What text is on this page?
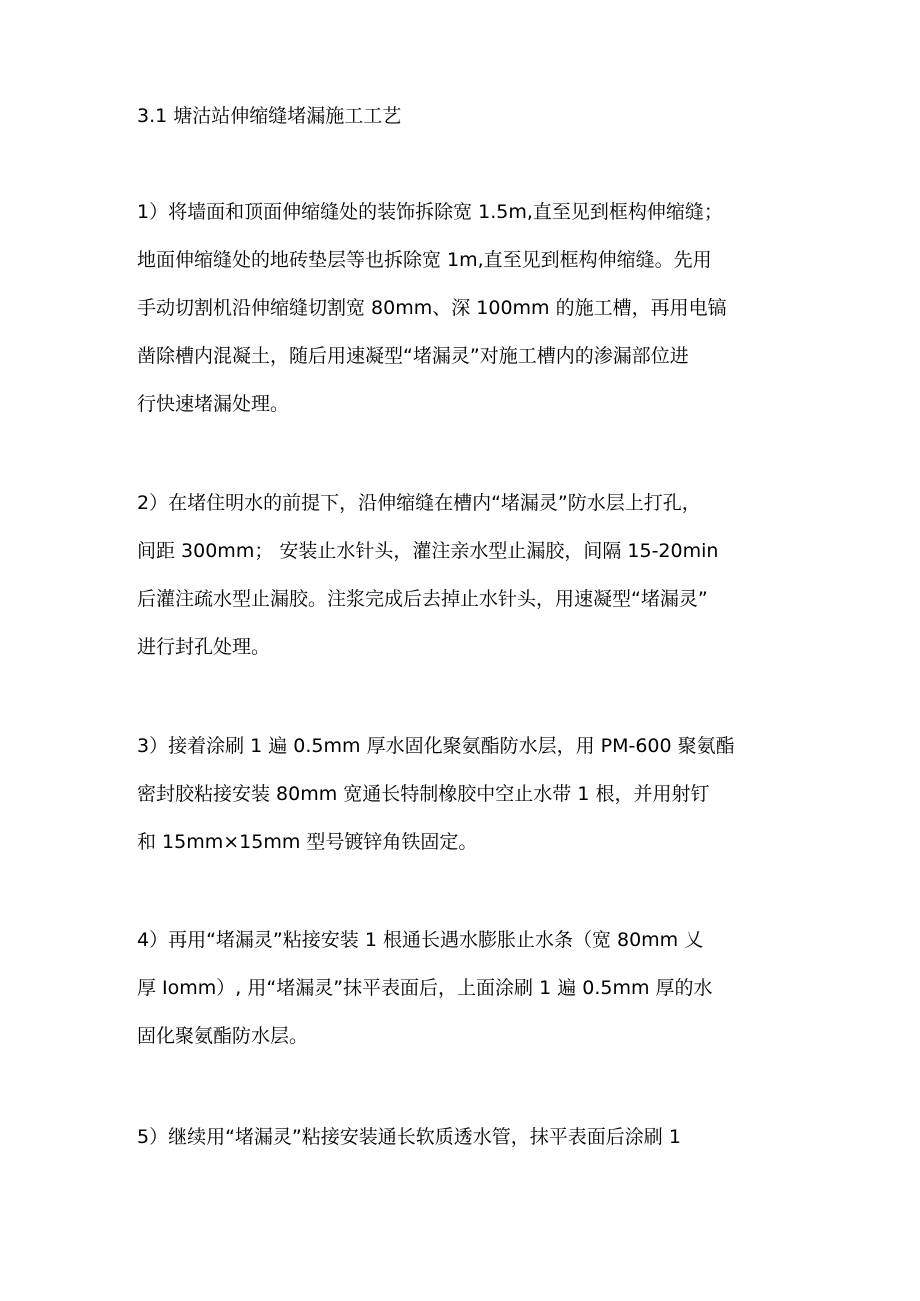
3.1 塘沽站伸缩缝堵漏施工工艺
1）将墙面和顶面伸缩缝处的装饰拆除宽 1.5m,直至见到框构伸缩缝；
地面伸缩缝处的地砖垫层等也拆除宽 1m,直至见到框构伸缩缝。先用
手动切割机沿伸缩缝切割宽 80mm、深 100mm 的施工槽，再用电镐
凿除槽内混凝土，随后用速凝型“堵漏灵”对施工槽内的渗漏部位进
行快速堵漏处理。
2）在堵住明水的前提下，沿伸缩缝在槽内“堵漏灵”防水层上打孔，
间距 300mm； 安装止水针头，灌注亲水型止漏胶，间隔 15-20min
后灌注疏水型止漏胶。注浆完成后去掉止水针头，用速凝型“堵漏灵”
进行封孔处理。
3）接着涂刷 1 遍 0.5mm 厚水固化聚氨酯防水层，用 PM-600 聚氨酯
密封胶粘接安装 80mm 宽通长特制橡胶中空止水带 1 根，并用射钉
和 15mm×15mm 型号镀锌角铁固定。
4）再用“堵漏灵”粘接安装 1 根通长遇水膨胀止水条（宽 80mm 乂
厚 Iomm）, 用“堵漏灵”抹平表面后，上面涂刷 1 遍 0.5mm 厚的水
固化聚氨酯防水层。
5）继续用“堵漏灵”粘接安装通长软质透水管，抹平表面后涂刷 1
